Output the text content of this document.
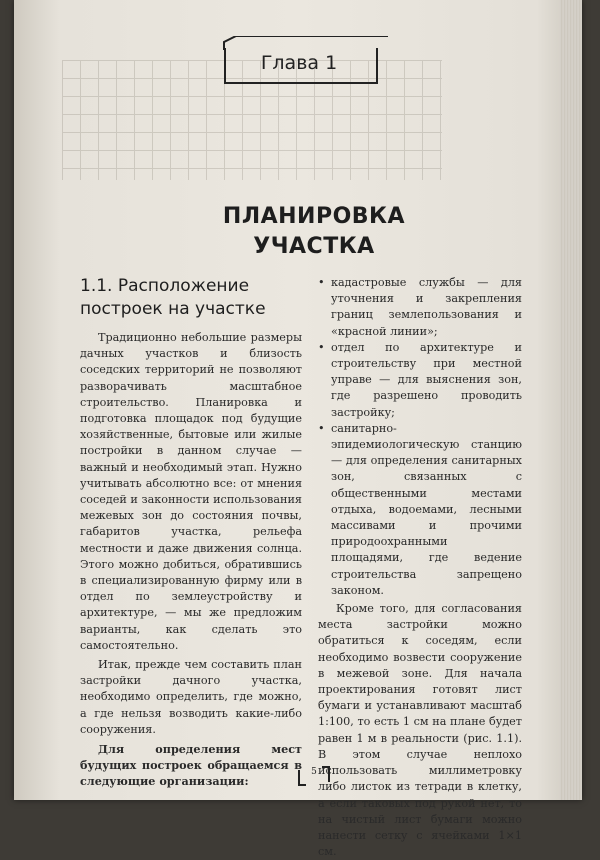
Глава 1
ПЛАНИРОВКА
УЧАСТКА
1.1. Расположение
построек на участке

Традиционно небольшие размеры дачных участков и близость соседских территорий не позволяют разворачивать масштабное строительство. Планировка и подготовка площадок под будущие хозяйственные, бытовые или жилые постройки в данном случае — важный и необходимый этап. Нужно учитывать абсолютно все: от мнения соседей и законности использования межевых зон до состояния почвы, габаритов участка, рельефа местности и даже движения солнца. Этого можно добиться, обратившись в специализированную фирму или в отдел по землеустройству и архитектуре, — мы же предложим варианты, как сделать это самостоятельно.

Итак, прежде чем составить план застройки дачного участка, необходимо определить, где можно, а где нельзя возводить какие-либо сооружения.

Для определения мест будущих построек обращаемся в следующие организации:

• кадастровые службы — для уточнения и закрепления границ землепользования и «красной линии»;
• отдел по архитектуре и строительству при местной управе — для выяснения зон, где разрешено проводить застройку;
• санитарно-эпидемиологическую станцию — для определения санитарных зон, связанных с общественными местами отдыха, водоемами, лесными массивами и прочими природоохранными площадями, где ведение строительства запрещено законом.

Кроме того, для согласования места застройки можно обратиться к соседям, если необходимо возвести сооружение в межевой зоне. Для начала проектирования готовят лист бумаги и устанавливают масштаб 1:100, то есть 1 см на плане будет равен 1 м в реальности (рис. 1.1). В этом случае неплохо использовать миллиметровку либо листок из тетради в клетку, а если таковых под рукой нет, то на чистый лист бумаги можно нанести сетку с ячейками 1×1 см.

5
